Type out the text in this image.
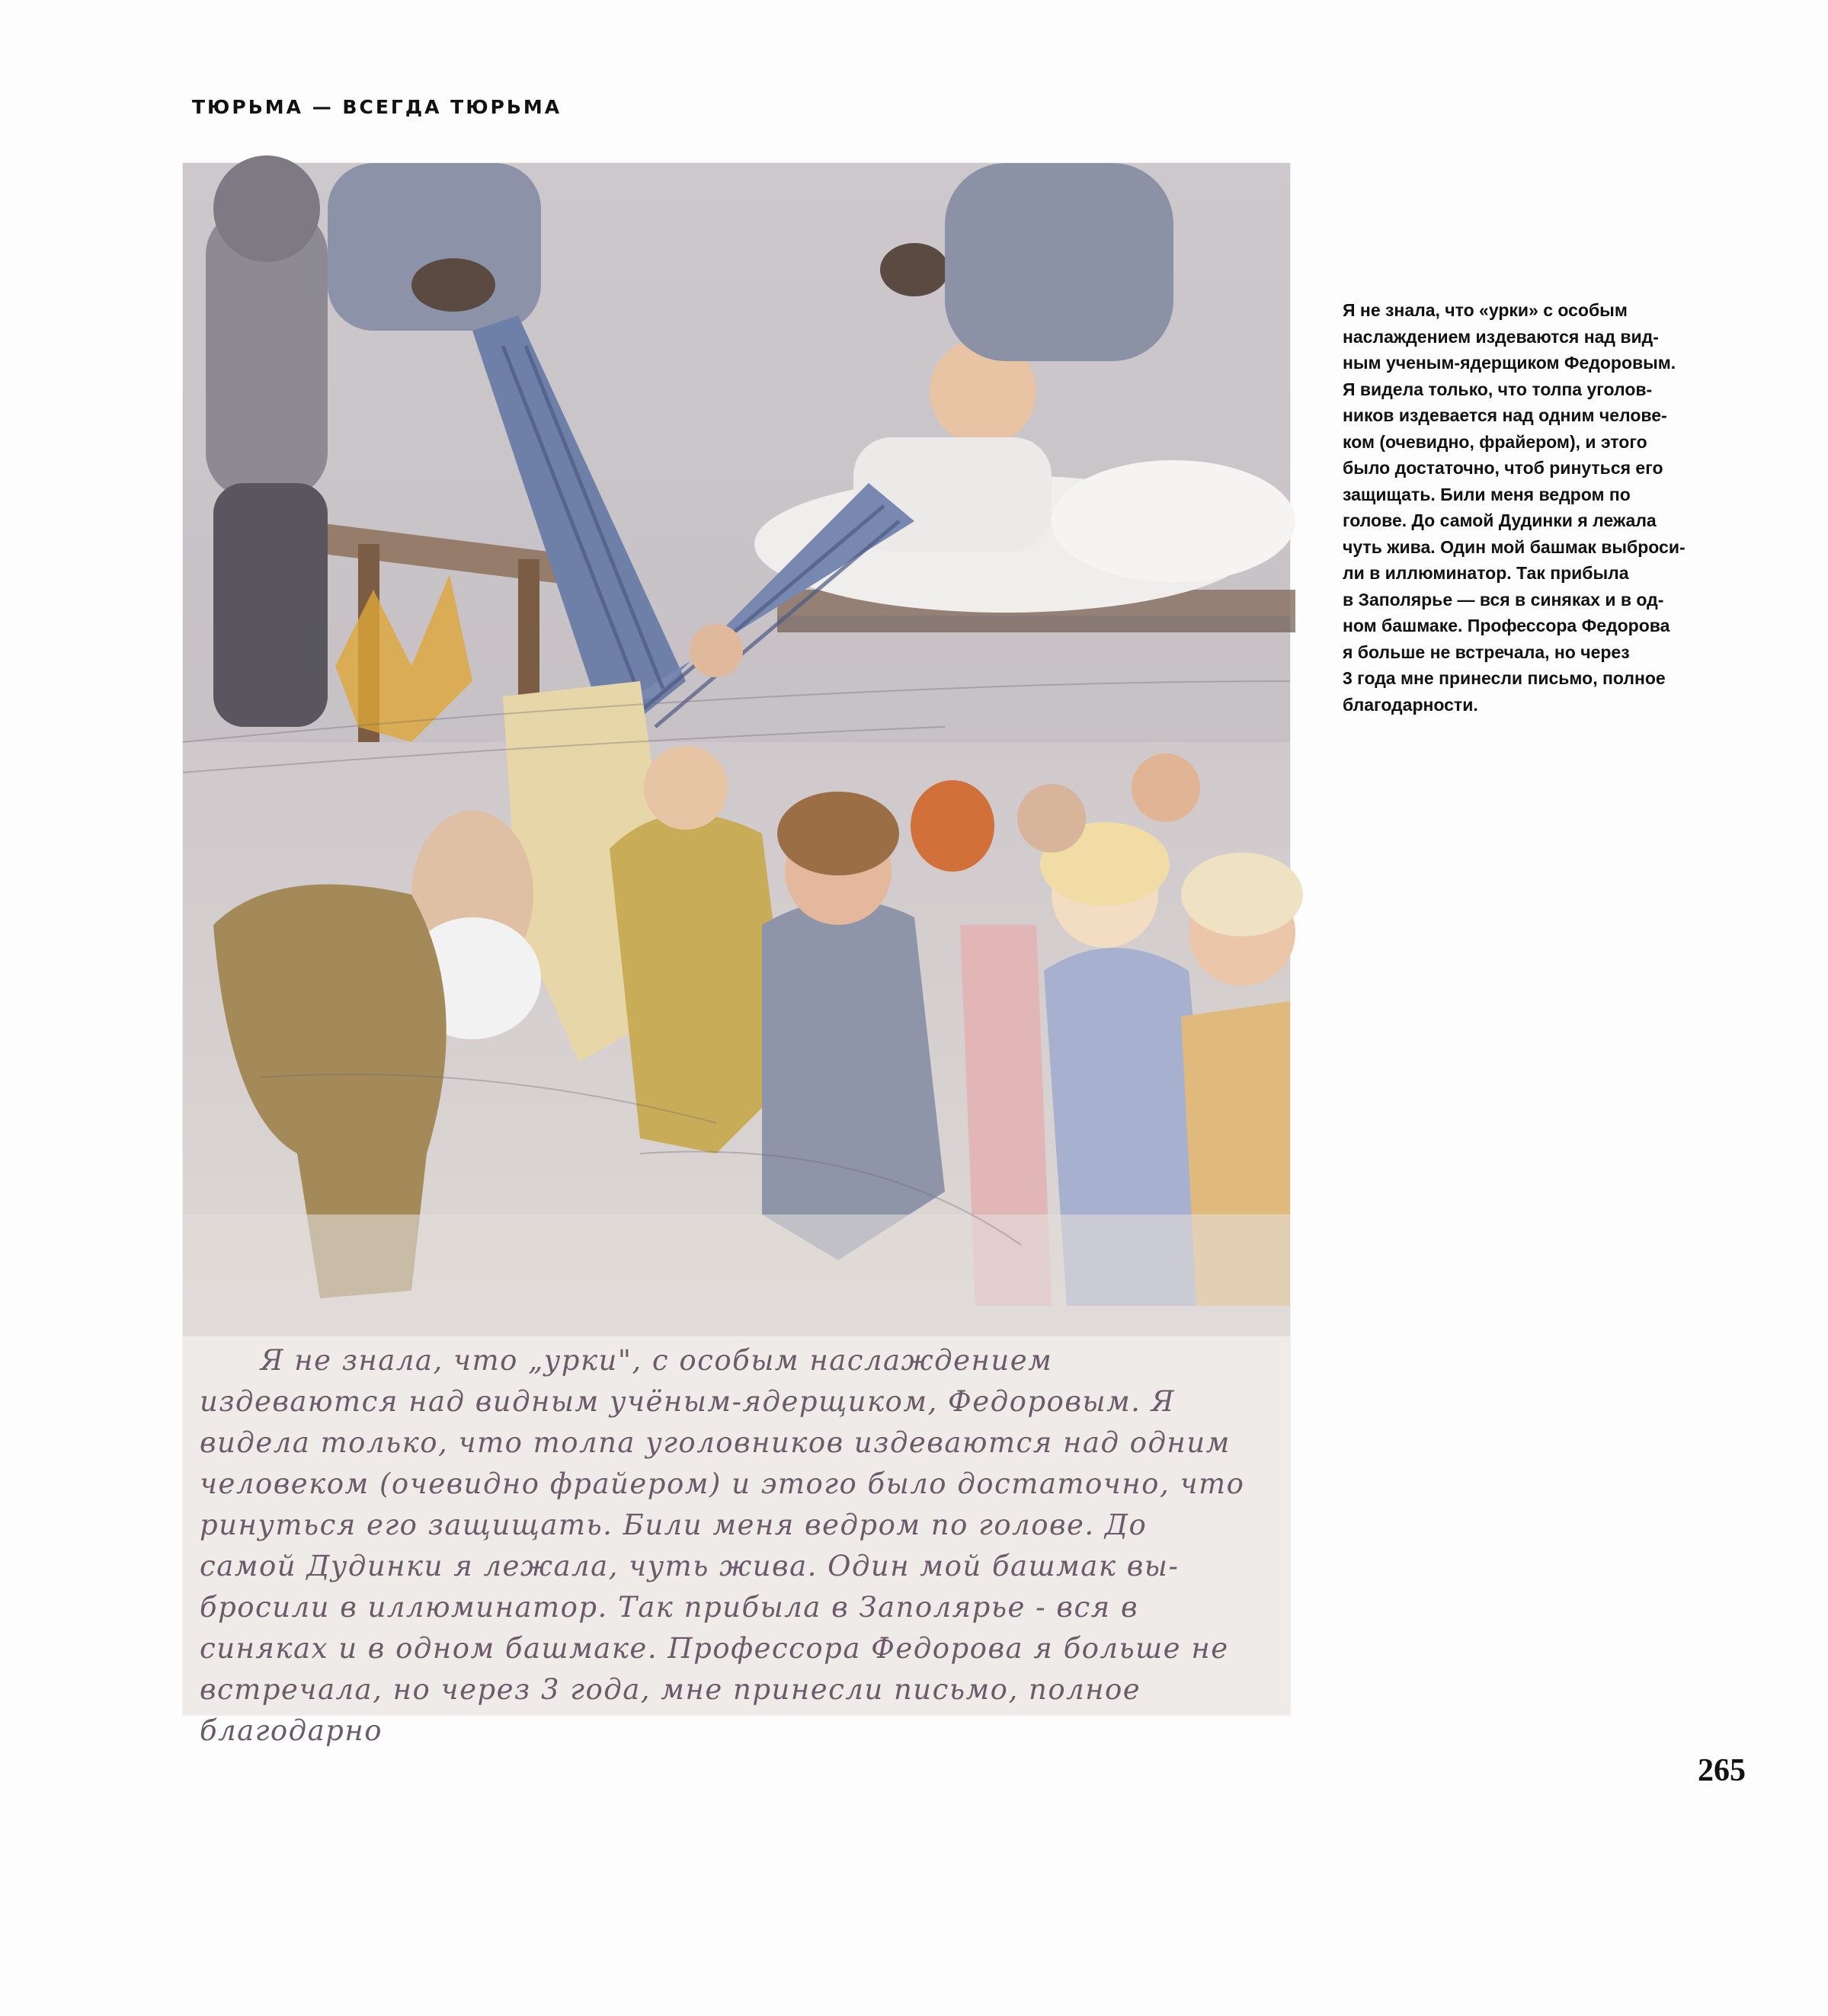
ТЮРЬМА — ВСЕГДА ТЮРЬМА
Я не знала, что „урки", с особым наслаждением
издеваются над видным учёным-ядерщиком, Федоровым. Я
видела только, что толпа уголовников издеваются над одним
человеком (очевидно фрайером) и этого было достаточно, что
ринуться его защищать. Били меня ведром по голове. До
самой Дудинки я лежала, чуть жива. Один мой башмак вы-
бросили в иллюминатор. Так прибыла в Заполярье - вся в
синяках и в одном башмаке. Профессора Федорова я больше не
встречала, но через 3 года, мне принесли письмо, полное благодарно
Я не знала, что «урки» с особым
наслаждением издеваются над вид-
ным ученым-ядерщиком Федоровым.
Я видела только, что толпа уголов-
ников издевается над одним челове-
ком (очевидно, фрайером), и этого
было достаточно, чтоб ринуться его
защищать. Били меня ведром по
голове. До самой Дудинки я лежала
чуть жива. Один мой башмак выброси-
ли в иллюминатор. Так прибыла
в Заполярье — вся в синяках и в од-
ном башмаке. Профессора Федорова
я больше не встречала, но через
3 года мне принесли письмо, полное
благодарности.
265
